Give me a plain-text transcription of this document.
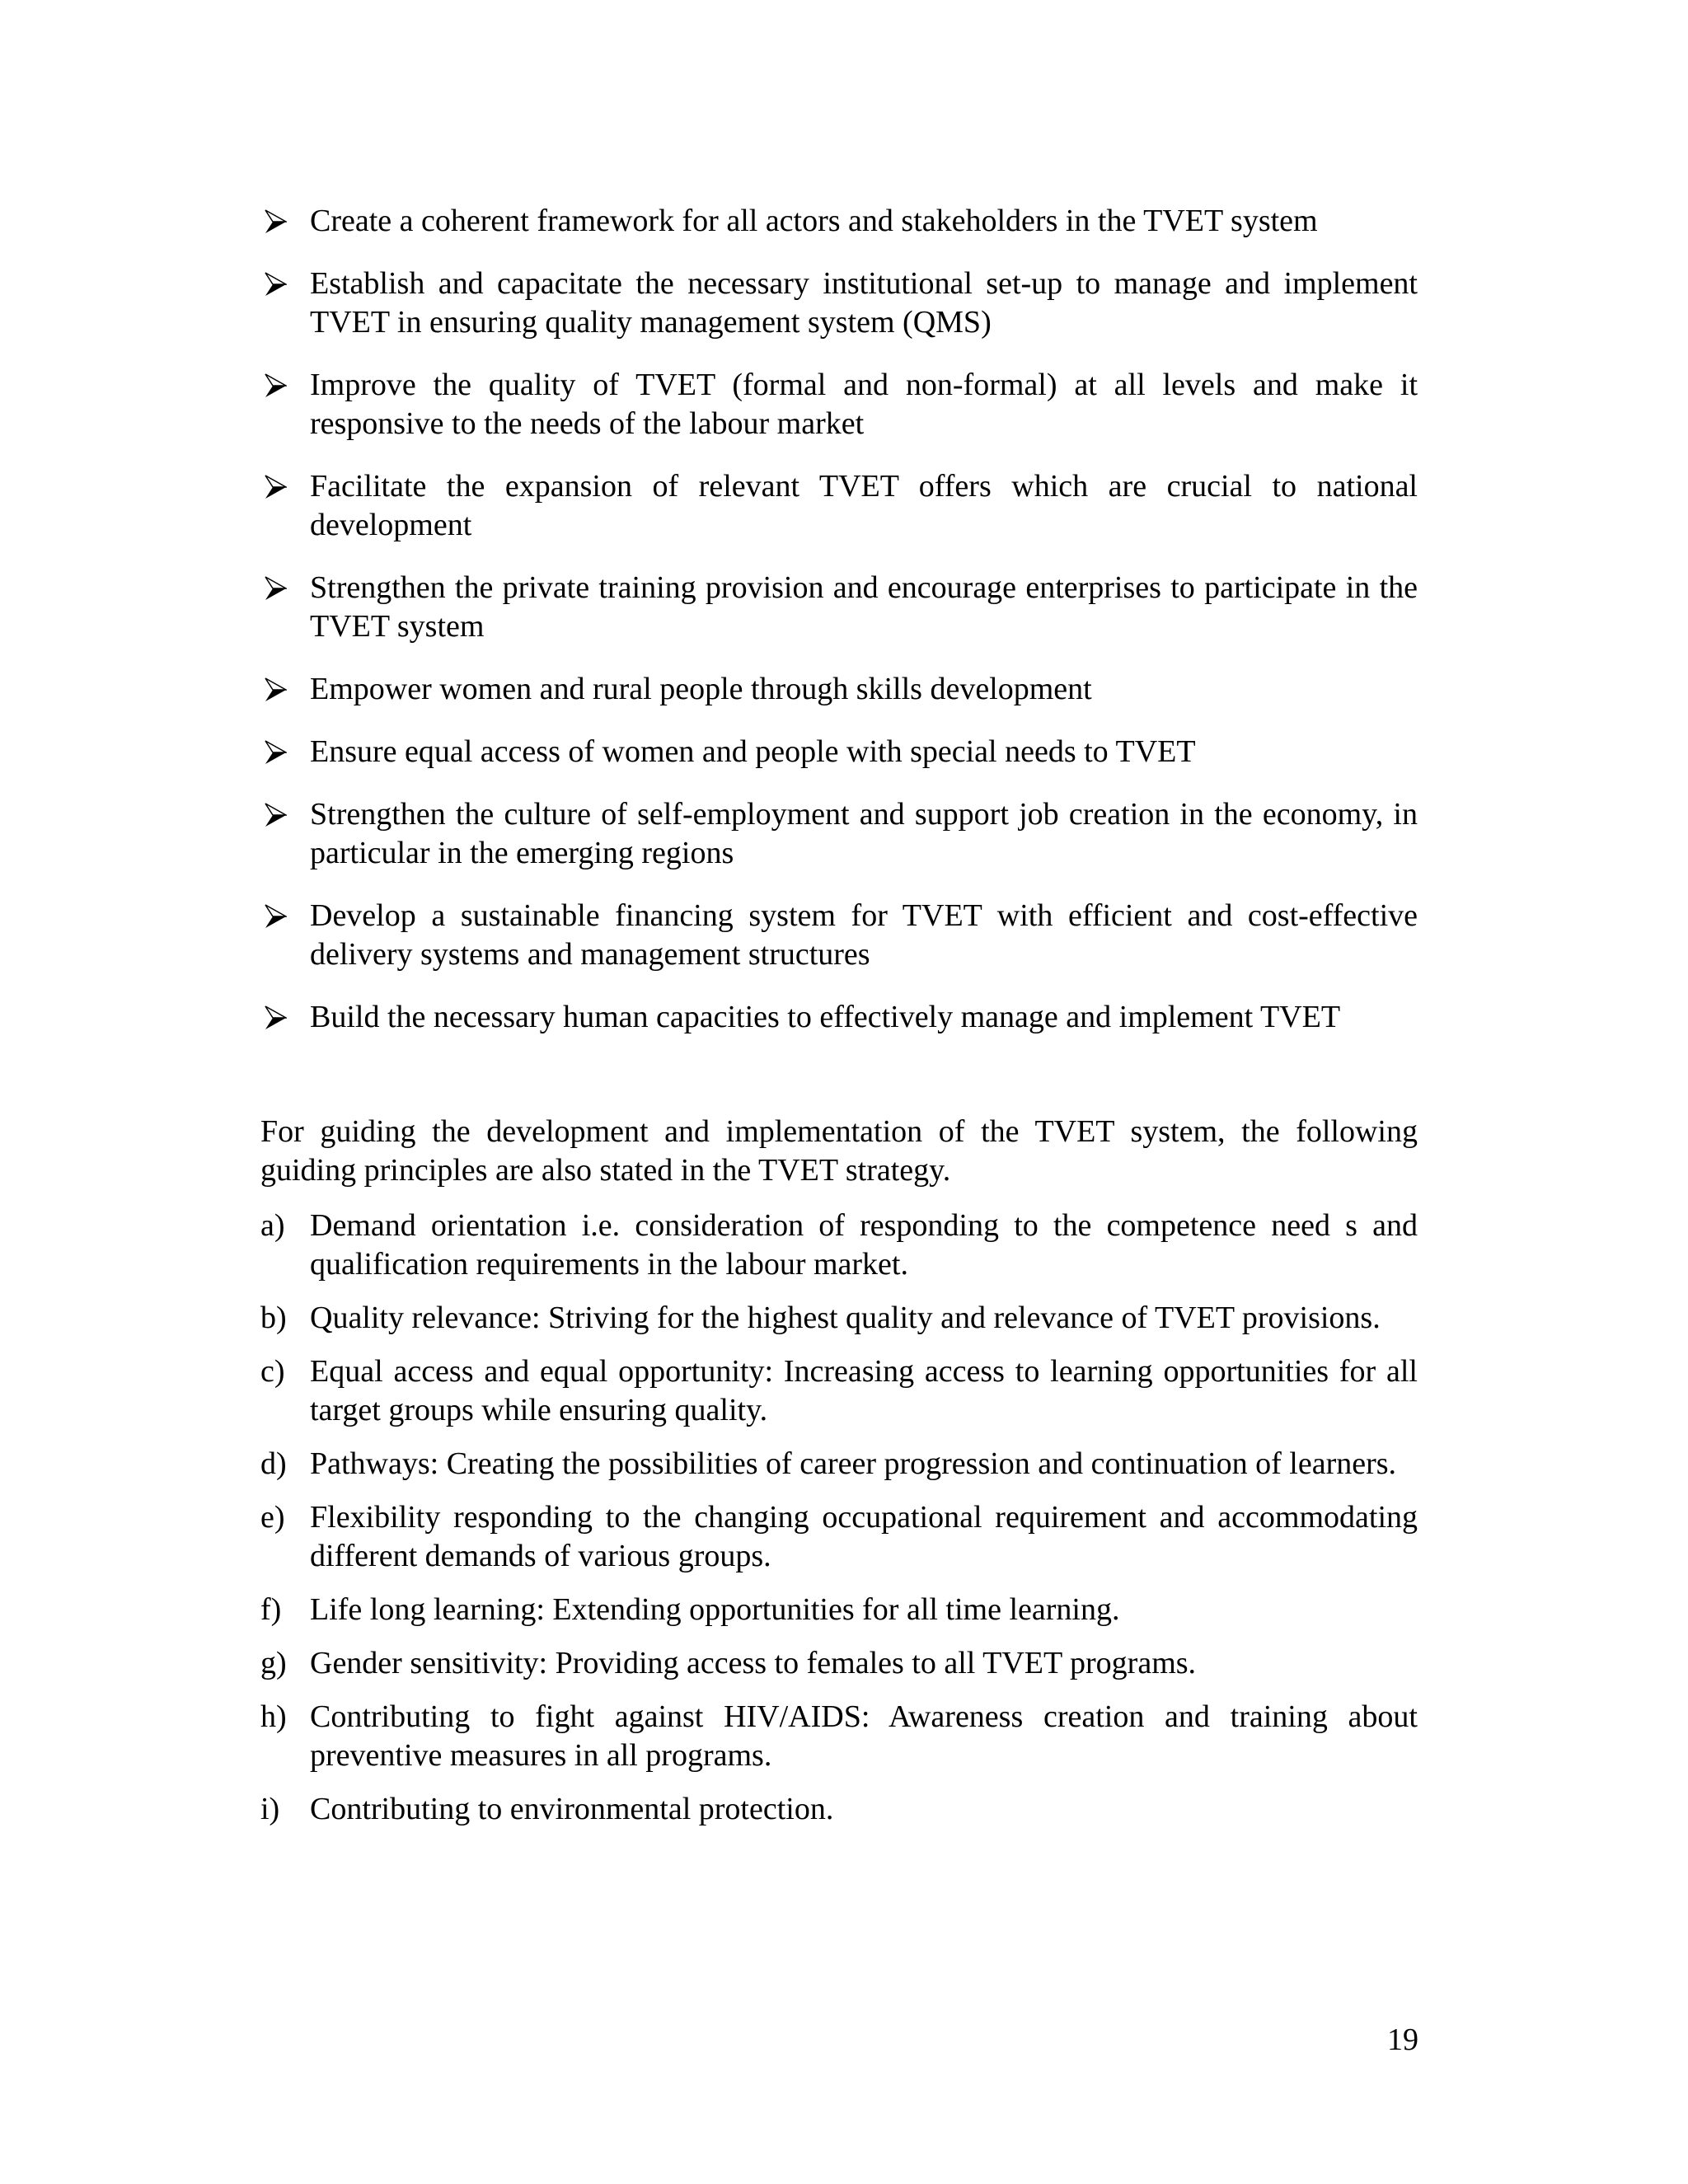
Create a coherent framework for all actors and stakeholders in the TVET system
Establish and capacitate the necessary institutional set-up to manage and implement TVET in ensuring quality management system (QMS)
Improve the quality of TVET (formal and non-formal) at all levels and make it responsive to the needs of the labour market
Facilitate the expansion of relevant TVET offers which are crucial to national development
Strengthen the private training provision and encourage enterprises to participate in the TVET system
Empower women and rural people through skills development
Ensure equal access of women and people with special needs to TVET
Strengthen the culture of self-employment and support job creation in the economy, in particular in the emerging regions
Develop a sustainable financing system for TVET with efficient and cost-effective delivery systems and management structures
Build the necessary human capacities to effectively manage and implement TVET

For guiding the development and implementation of the TVET system, the following guiding principles are also stated in the TVET strategy.

a) Demand orientation i.e. consideration of responding to the competence need s and qualification requirements in the labour market.
b) Quality relevance: Striving for the highest quality and relevance of TVET provisions.
c) Equal access and equal opportunity: Increasing access to learning opportunities for all target groups while ensuring quality.
d) Pathways: Creating the possibilities of career progression and continuation of learners.
e) Flexibility responding to the changing occupational requirement and accommodating different demands of various groups.
f) Life long learning: Extending opportunities for all time learning.
g) Gender sensitivity: Providing access to females to all TVET programs.
h) Contributing to fight against HIV/AIDS: Awareness creation and training about preventive measures in all programs.
i) Contributing to environmental protection.
19
